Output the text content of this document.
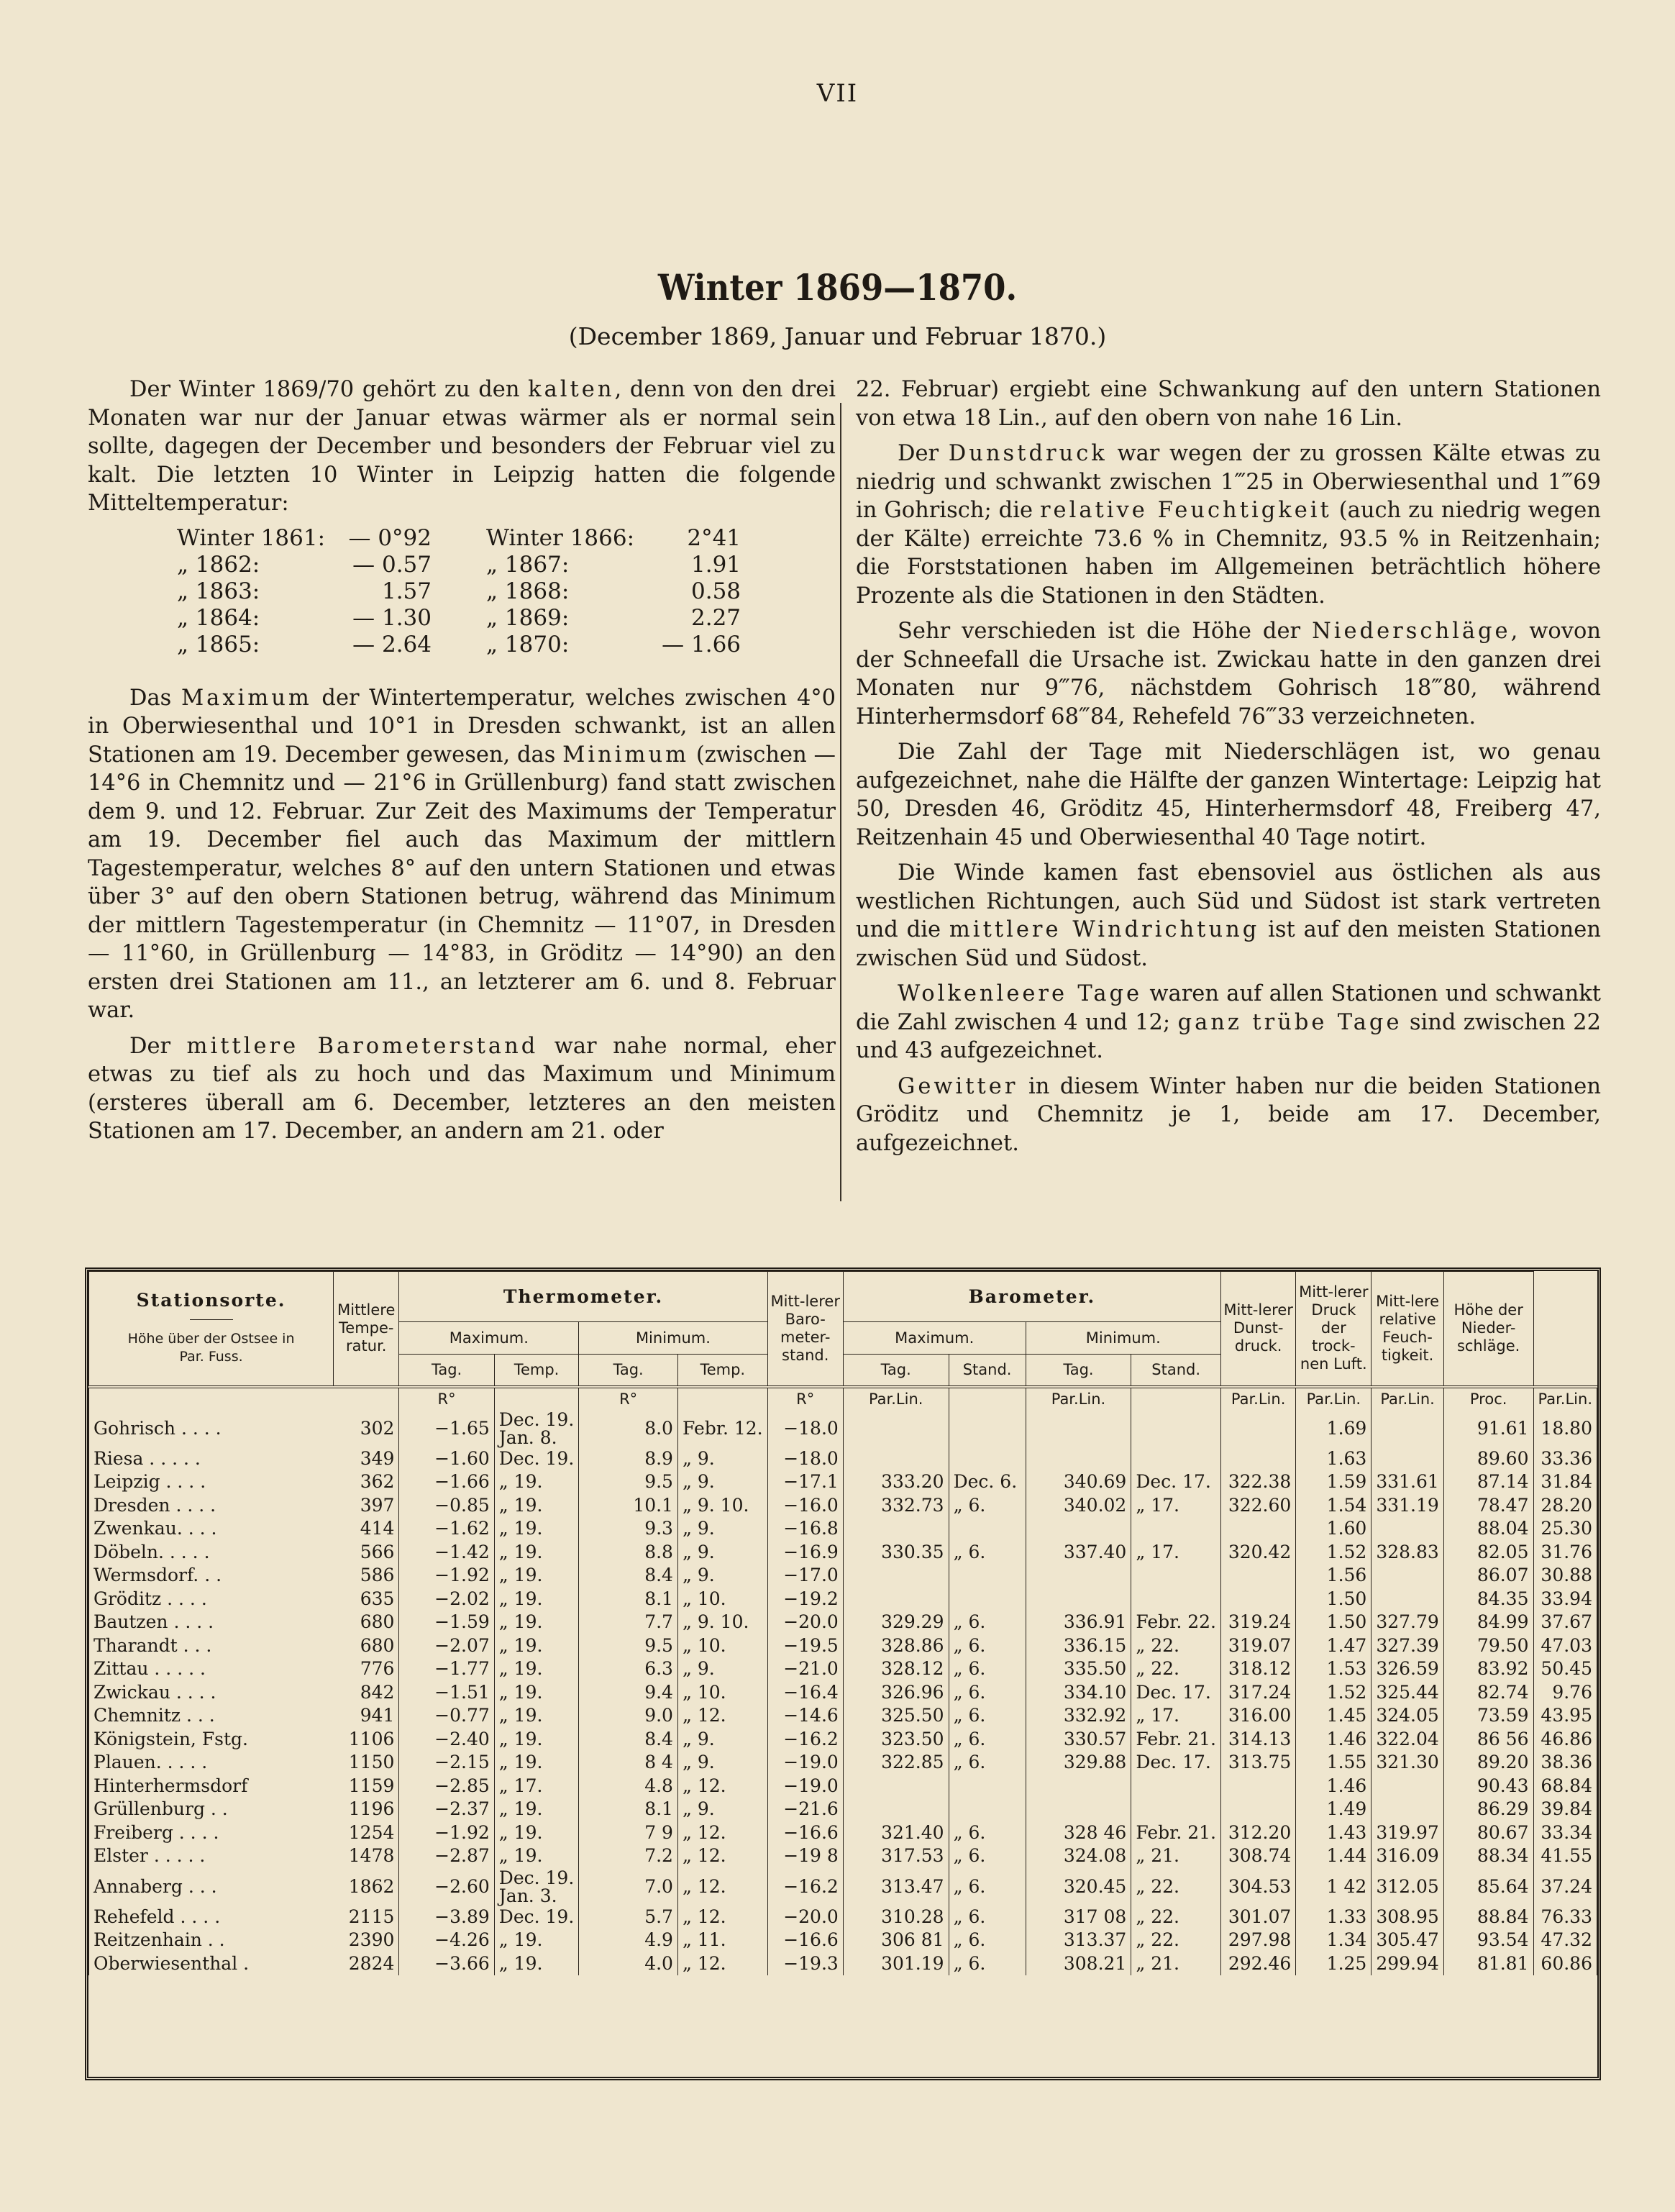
VII
Winter 1869—1870.
(December 1869, Januar und Februar 1870.)

Der Winter 1869/70 gehört zu den kalten, denn von den drei Monaten war nur der Januar etwas wärmer als er normal sein sollte, dagegen der December und besonders der Februar viel zu kalt. Die letzten 10 Winter in Leipzig hatten die folgende Mitteltemperatur:

Winter 1861:	— 0°92		Winter 1866:	2°41
„ 1862:	— 0.57		„ 1867:	1.91
„ 1863:	1.57		„ 1868:	0.58
„ 1864:	— 1.30		„ 1869:	2.27
„ 1865:	— 2.64		„ 1870:	— 1.66

Das Maximum der Wintertemperatur, welches zwischen 4°0 in Oberwiesenthal und 10°1 in Dresden schwankt, ist an allen Stationen am 19. December gewesen, das Minimum (zwischen — 14°6 in Chemnitz und — 21°6 in Grüllenburg) fand statt zwischen dem 9. und 12. Februar. Zur Zeit des Maximums der Temperatur am 19. December fiel auch das Maximum der mittlern Tagestemperatur, welches 8° auf den untern Stationen und etwas über 3° auf den obern Stationen betrug, während das Minimum der mittlern Tagestemperatur (in Chemnitz — 11°07, in Dresden — 11°60, in Grüllenburg — 14°83, in Gröditz — 14°90) an den ersten drei Stationen am 11., an letzterer am 6. und 8. Februar war.

Der mittlere Barometerstand war nahe normal, eher etwas zu tief als zu hoch und das Maximum und Minimum (ersteres überall am 6. December, letzteres an den meisten Stationen am 17. December, an andern am 21. oder

22. Februar) ergiebt eine Schwankung auf den untern Stationen von etwa 18 Lin., auf den obern von nahe 16 Lin.

Der Dunstdruck war wegen der zu grossen Kälte etwas zu niedrig und schwankt zwischen 1‴25 in Oberwiesenthal und 1‴69 in Gohrisch; die relative Feuchtigkeit (auch zu niedrig wegen der Kälte) erreichte 73.6 % in Chemnitz, 93.5 % in Reitzenhain; die Forststationen haben im Allgemeinen beträchtlich höhere Prozente als die Stationen in den Städten.

Sehr verschieden ist die Höhe der Niederschläge, wovon der Schneefall die Ursache ist. Zwickau hatte in den ganzen drei Monaten nur 9‴76, nächstdem Gohrisch 18‴80, während Hinterhermsdorf 68‴84, Rehefeld 76‴33 verzeichneten.

Die Zahl der Tage mit Niederschlägen ist, wo genau aufgezeichnet, nahe die Hälfte der ganzen Wintertage: Leipzig hat 50, Dresden 46, Gröditz 45, Hinterhermsdorf 48, Freiberg 47, Reitzenhain 45 und Oberwiesenthal 40 Tage notirt.

Die Winde kamen fast ebensoviel aus östlichen als aus westlichen Richtungen, auch Süd und Südost ist stark vertreten und die mittlere Windrichtung ist auf den meisten Stationen zwischen Süd und Südost.

Wolkenleere Tage waren auf allen Stationen und schwankt die Zahl zwischen 4 und 12; ganz trübe Tage sind zwischen 22 und 43 aufgezeichnet.

Gewitter in diesem Winter haben nur die beiden Stationen Gröditz und Chemnitz je 1, beide am 17. December, aufgezeichnet.

Stationsorte.
Höhe über der Ostsee in Par. Fuss.	Mittlere Tempe-ratur.	Thermometer.				Mitt-lerer Baro-meter-stand.	Barometer.				Mitt-lerer Dunst-druck.	Mitt-lerer Druck der trock-nen Luft.	Mitt-lere relative Feuch-tigkeit.	Höhe der Nieder-schläge.	
		Maximum.		Minimum.			Maximum.		Minimum.						
		Tag.	Temp.	Tag.	Temp.		Tag.	Stand.	Tag.	Stand.					
		R°		R°		R°	Par.Lin.		Par.Lin.		Par.Lin.	Par.Lin.	Par.Lin.	Proc.	Par.Lin.
Gohrisch . . . .	302	−1.65	Dec. 19.
Jan. 8.	8.0	Febr. 12.	−18.0						1.69		91.61	18.80
Riesa . . . . .	349	−1.60	Dec. 19.	8.9	„ 9.	−18.0						1.63		89.60	33.36
Leipzig . . . .	362	−1.66	„ 19.	9.5	„ 9.	−17.1	333.20	Dec. 6.	340.69	Dec. 17.	322.38	1.59	331.61	87.14	31.84
Dresden . . . .	397	−0.85	„ 19.	10.1	„ 9. 10.	−16.0	332.73	„ 6.	340.02	„ 17.	322.60	1.54	331.19	78.47	28.20
Zwenkau. . . .	414	−1.62	„ 19.	9.3	„ 9.	−16.8						1.60		88.04	25.30
Döbeln. . . . .	566	−1.42	„ 19.	8.8	„ 9.	−16.9	330.35	„ 6.	337.40	„ 17.	320.42	1.52	328.83	82.05	31.76
Wermsdorf. . .	586	−1.92	„ 19.	8.4	„ 9.	−17.0						1.56		86.07	30.88
Gröditz . . . .	635	−2.02	„ 19.	8.1	„ 10.	−19.2						1.50		84.35	33.94
Bautzen . . . .	680	−1.59	„ 19.	7.7	„ 9. 10.	−20.0	329.29	„ 6.	336.91	Febr. 22.	319.24	1.50	327.79	84.99	37.67
Tharandt . . .	680	−2.07	„ 19.	9.5	„ 10.	−19.5	328.86	„ 6.	336.15	„ 22.	319.07	1.47	327.39	79.50	47.03
Zittau . . . . .	776	−1.77	„ 19.	6.3	„ 9.	−21.0	328.12	„ 6.	335.50	„ 22.	318.12	1.53	326.59	83.92	50.45
Zwickau . . . .	842	−1.51	„ 19.	9.4	„ 10.	−16.4	326.96	„ 6.	334.10	Dec. 17.	317.24	1.52	325.44	82.74	9.76
Chemnitz . . .	941	−0.77	„ 19.	9.0	„ 12.	−14.6	325.50	„ 6.	332.92	„ 17.	316.00	1.45	324.05	73.59	43.95
Königstein, Fstg.	1106	−2.40	„ 19.	8.4	„ 9.	−16.2	323.50	„ 6.	330.57	Febr. 21.	314.13	1.46	322.04	86 56	46.86
Plauen. . . . .	1150	−2.15	„ 19.	8 4	„ 9.	−19.0	322.85	„ 6.	329.88	Dec. 17.	313.75	1.55	321.30	89.20	38.36
Hinterhermsdorf	1159	−2.85	„ 17.	4.8	„ 12.	−19.0						1.46		90.43	68.84
Grüllenburg . .	1196	−2.37	„ 19.	8.1	„ 9.	−21.6						1.49		86.29	39.84
Freiberg . . . .	1254	−1.92	„ 19.	7 9	„ 12.	−16.6	321.40	„ 6.	328 46	Febr. 21.	312.20	1.43	319.97	80.67	33.34
Elster . . . . .	1478	−2.87	„ 19.	7.2	„ 12.	−19 8	317.53	„ 6.	324.08	„ 21.	308.74	1.44	316.09	88.34	41.55
Annaberg . . .	1862	−2.60	Dec. 19.
Jan. 3.	7.0	„ 12.	−16.2	313.47	„ 6.	320.45	„ 22.	304.53	1 42	312.05	85.64	37.24
Rehefeld . . . .	2115	−3.89	Dec. 19.	5.7	„ 12.	−20.0	310.28	„ 6.	317 08	„ 22.	301.07	1.33	308.95	88.84	76.33
Reitzenhain . .	2390	−4.26	„ 19.	4.9	„ 11.	−16.6	306 81	„ 6.	313.37	„ 22.	297.98	1.34	305.47	93.54	47.32
Oberwiesenthal .	2824	−3.66	„ 19.	4.0	„ 12.	−19.3	301.19	„ 6.	308.21	„ 21.	292.46	1.25	299.94	81.81	60.86
